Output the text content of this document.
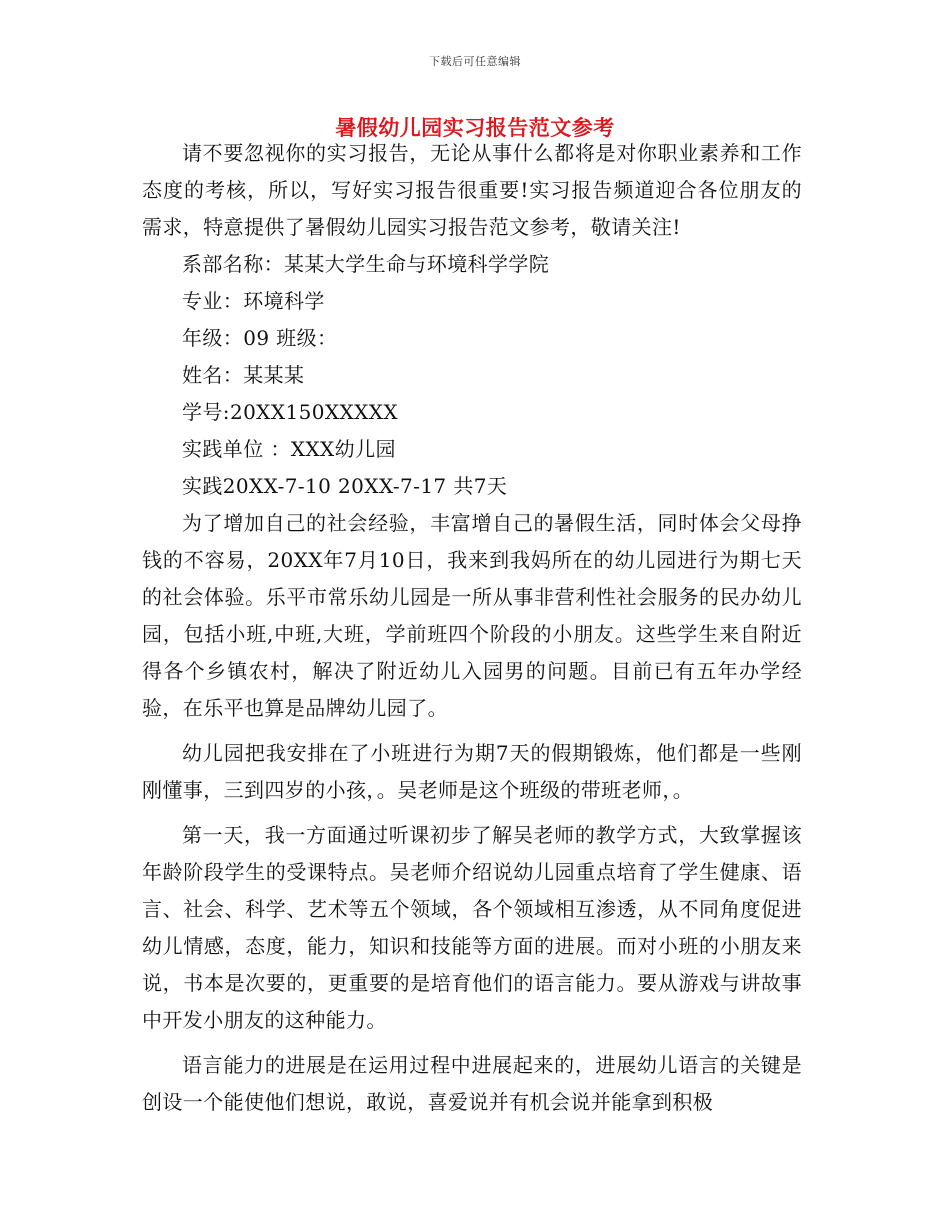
下载后可任意编辑
暑假幼儿园实习报告范文参考

请不要忽视你的实习报告，无论从事什么都将是对你职业素养和工作态度的考核，所以，写好实习报告很重要!实习报告频道迎合各位朋友的需求，特意提供了暑假幼儿园实习报告范文参考，敬请关注!

系部名称：某某大学生命与环境科学学院

专业：环境科学

年级：09 班级：

姓名：某某某

学号:20XX150XXXXX

实践单位 ：XXX幼儿园

实践20XX-7-10 20XX-7-17 共7天

为了增加自己的社会经验，丰富增自己的暑假生活，同时体会父母挣钱的不容易，20XX年7月10日，我来到我妈所在的幼儿园进行为期七天的社会体验。乐平市常乐幼儿园是一所从事非营利性社会服务的民办幼儿园，包括小班,中班,大班，学前班四个阶段的小朋友。这些学生来自附近得各个乡镇农村，解决了附近幼儿入园男的问题。目前已有五年办学经验，在乐平也算是品牌幼儿园了。

幼儿园把我安排在了小班进行为期7天的假期锻炼，他们都是一些刚刚懂事，三到四岁的小孩，。吴老师是这个班级的带班老师，。

第一天，我一方面通过听课初步了解吴老师的教学方式，大致掌握该年龄阶段学生的受课特点。吴老师介绍说幼儿园重点培育了学生健康、语言、社会、科学、艺术等五个领域，各个领域相互渗透，从不同角度促进幼儿情感，态度，能力，知识和技能等方面的进展。而对小班的小朋友来说，书本是次要的，更重要的是培育他们的语言能力。要从游戏与讲故事中开发小朋友的这种能力。

语言能力的进展是在运用过程中进展起来的，进展幼儿语言的关键是创设一个能使他们想说，敢说，喜爱说并有机会说并能拿到积极
